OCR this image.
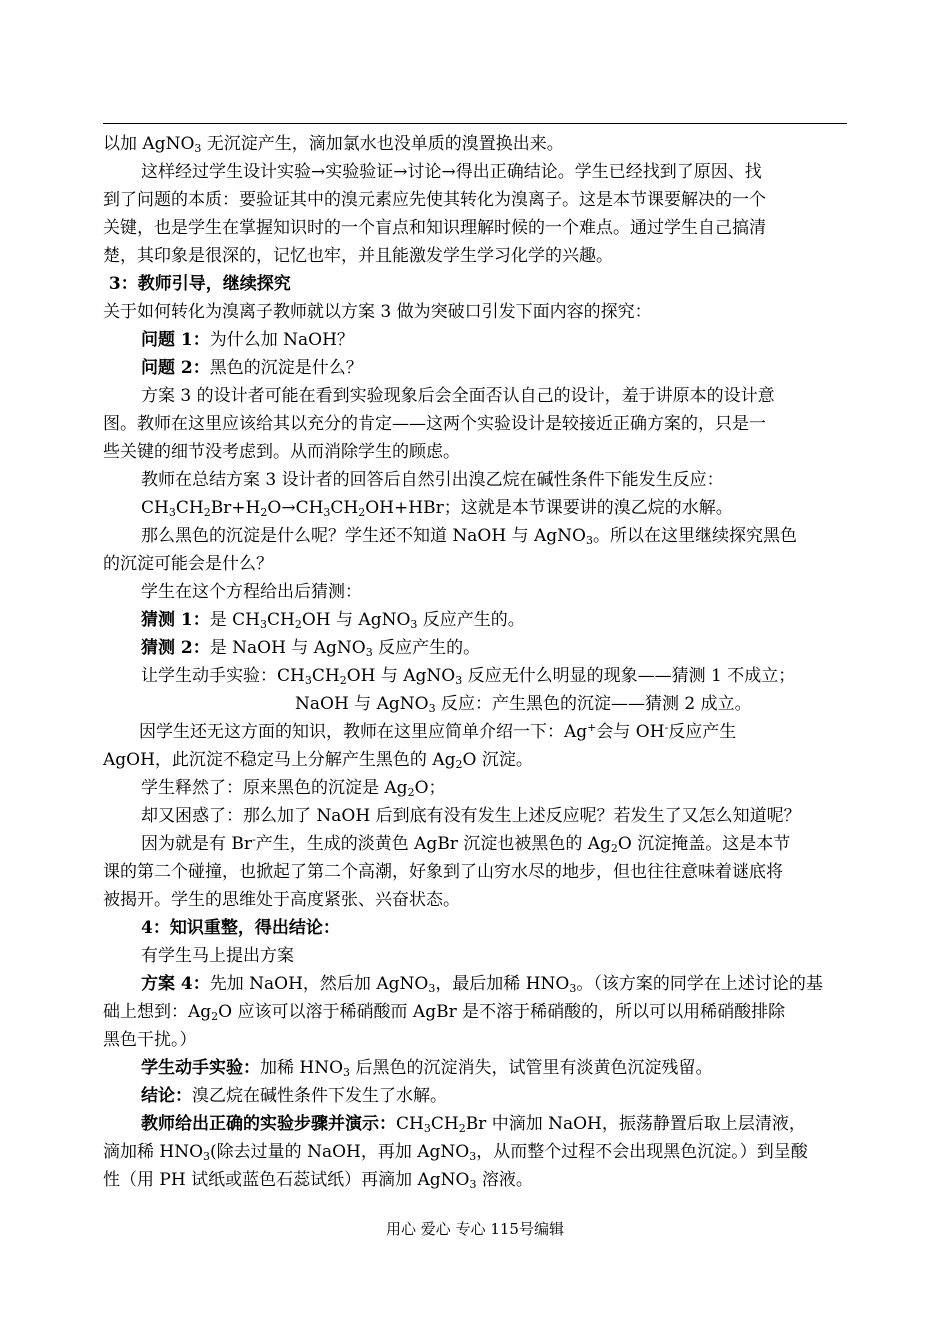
以加 AgNO$_3$ 无沉淀产生，滴加氯水也没单质的溴置换出来。

这样经过学生设计实验→实验验证→讨论→得出正确结论。学生已经找到了原因、找

到了问题的本质：要验证其中的溴元素应先使其转化为溴离子。这是本节课要解决的一个

关键，也是学生在掌握知识时的一个盲点和知识理解时候的一个难点。通过学生自己搞清

楚，其印象是很深的，记忆也牢，并且能激发学生学习化学的兴趣。

3：教师引导，继续探究

关于如何转化为溴离子教师就以方案 3 做为突破口引发下面内容的探究：

问题 1：为什么加 NaOH？

问题 2：黑色的沉淀是什么？

方案 3 的设计者可能在看到实验现象后会全面否认自己的设计，羞于讲原本的设计意

图。教师在这里应该给其以充分的肯定——这两个实验设计是较接近正确方案的，只是一

些关键的细节没考虑到。从而消除学生的顾虑。

教师在总结方案 3 设计者的回答后自然引出溴乙烷在碱性条件下能发生反应：

$CH_3CH_2Br+H_2O\to CH_3CH_2OH+HBr$；这就是本节课要讲的溴乙烷的水解。

那么黑色的沉淀是什么呢？学生还不知道 NaOH 与 AgNO$_3$。所以在这里继续探究黑色

的沉淀可能会是什么？

学生在这个方程给出后猜测：

猜测 1：是 $CH_3CH_2OH$ 与 AgNO$_3$ 反应产生的。

猜测 2：是 NaOH 与 AgNO$_3$ 反应产生的。

让学生动手实验：$CH_3CH_2OH$ 与 AgNO$_3$ 反应无什么明显的现象——猜测 1 不成立；

NaOH 与 AgNO$_3$ 反应：产生黑色的沉淀——猜测 2 成立。

因学生还无这方面的知识，教师在这里应简单介绍一下：Ag+会与 OH-反应产生

AgOH，此沉淀不稳定马上分解产生黑色的 $Ag_2O$ 沉淀。

学生释然了：原来黑色的沉淀是 $Ag_2O$；

却又困惑了：那么加了 NaOH 后到底有没有发生上述反应呢？若发生了又怎么知道呢？

因为就是有 Br-产生，生成的淡黄色 AgBr 沉淀也被黑色的 $Ag_2O$ 沉淀掩盖。这是本节

课的第二个碰撞，也掀起了第二个高潮，好象到了山穷水尽的地步，但也往往意味着谜底将

被揭开。学生的思维处于高度紧张、兴奋状态。

4：知识重整，得出结论：

有学生马上提出方案

方案 4：先加 NaOH，然后加 AgNO$_3$，最后加稀 $HNO_3$。（该方案的同学在上述讨论的基

础上想到：$Ag_2O$ 应该可以溶于稀硝酸而 AgBr 是不溶于稀硝酸的，所以可以用稀硝酸排除

黑色干扰。）

学生动手实验：加稀 $HNO_3$ 后黑色的沉淀消失，试管里有淡黄色沉淀残留。

结论：溴乙烷在碱性条件下发生了水解。

教师给出正确的实验步骤并演示：$CH_3CH_2Br$ 中滴加 NaOH，振荡静置后取上层清液，

滴加稀 $HNO_3$(除去过量的 NaOH，再加 AgNO$_3$，从而整个过程不会出现黑色沉淀。）到呈酸

性（用 PH 试纸或蓝色石蕊试纸）再滴加 AgNO$_3$ 溶液。

用心 爱心 专心 115号编辑
